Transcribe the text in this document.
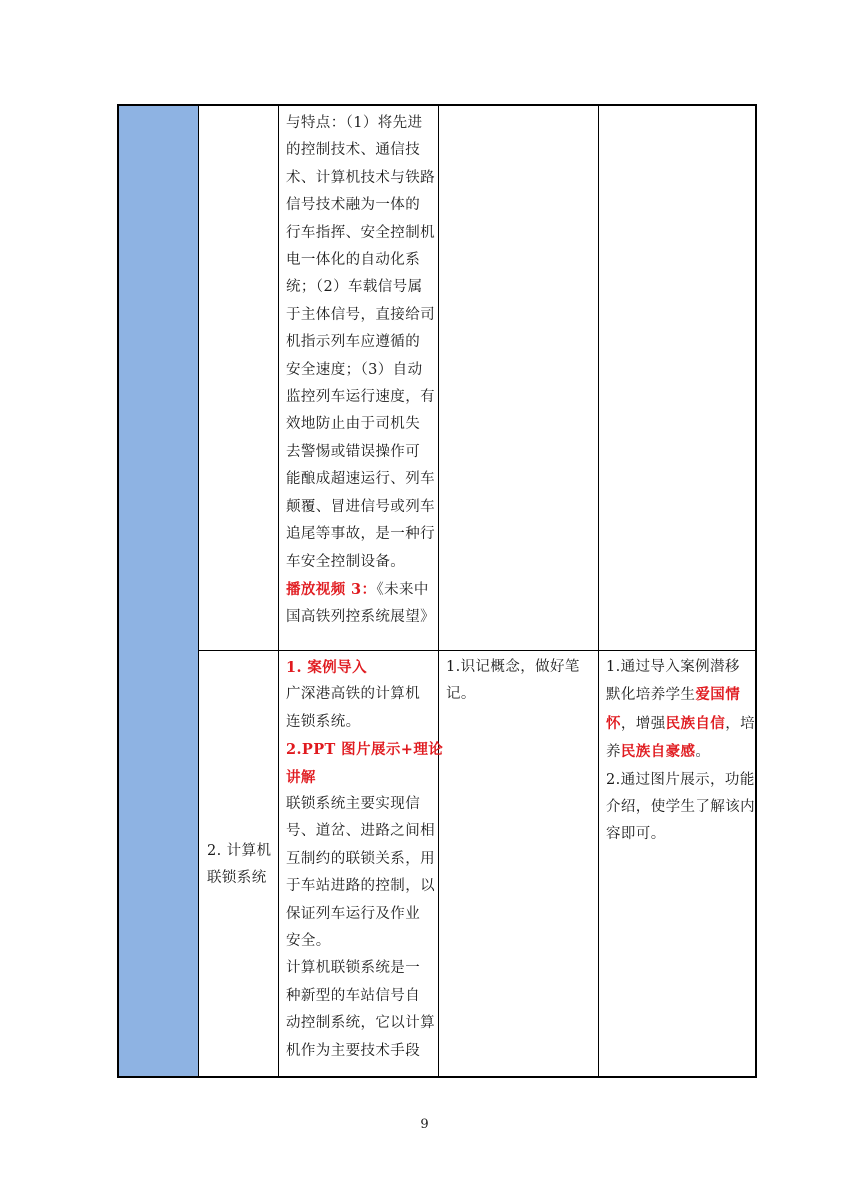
与特点：（1）将先进
的控制技术、通信技
术、计算机技术与铁路
信号技术融为一体的
行车指挥、安全控制机
电一体化的自动化系
统；（2）车载信号属
于主体信号，直接给司
机指示列车应遵循的
安全速度；（3）自动
监控列车运行速度，有
效地防止由于司机失
去警惕或错误操作可
能酿成超速运行、列车
颠覆、冒进信号或列车
追尾等事故，是一种行
车安全控制设备。
播放视频 3：《未来中
国高铁列控系统展望》
2. 计算机
联锁系统
1. 案例导入
广深港高铁的计算机
连锁系统。
2.PPT 图片展示+理论
讲解
联锁系统主要实现信
号、道岔、进路之间相
互制约的联锁关系，用
于车站进路的控制，以
保证列车运行及作业
安全。
计算机联锁系统是一
种新型的车站信号自
动控制系统，它以计算
机作为主要技术手段
1.识记概念，做好笔
记。
1.通过导入案例潜移
默化培养学生爱国情
怀，增强民族自信，培
养民族自豪感。
2.通过图片展示，功能
介绍，使学生了解该内
容即可。
9
